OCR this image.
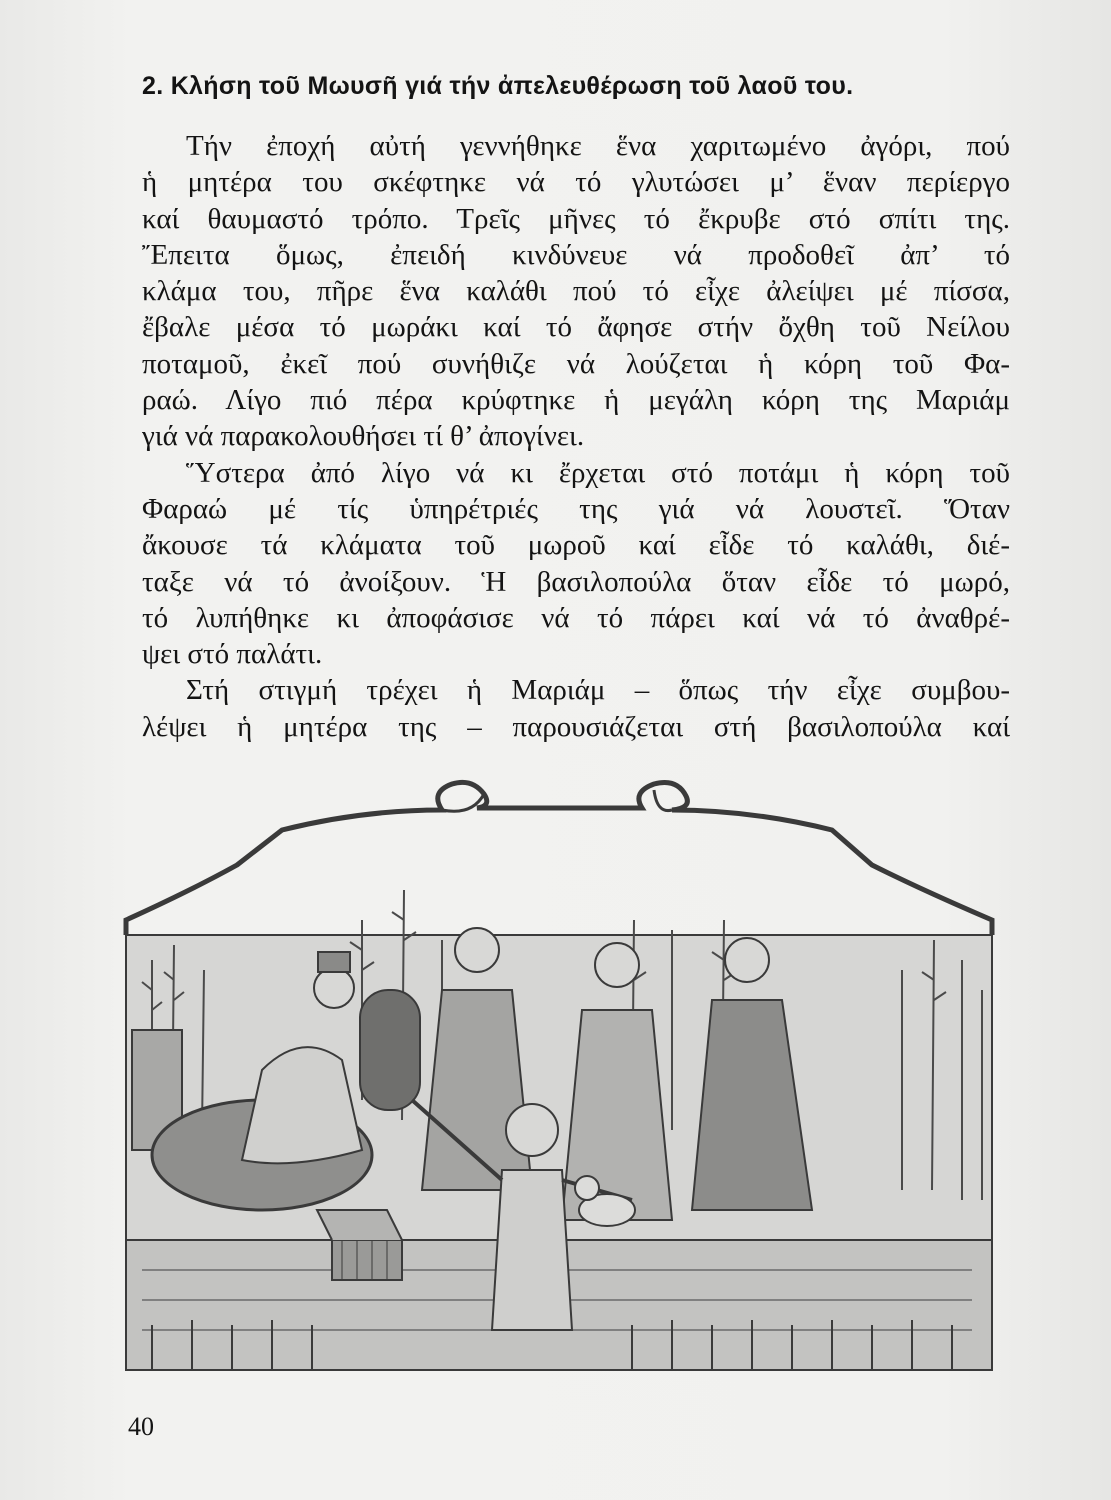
2. Κλήση τοῦ Μωυσῆ γιά τήν ἀπελευθέρωση τοῦ λαοῦ του.
Τήν ἐποχή αὐτή γεννήθηκε ἕνα χαριτωμένο ἀγόρι, πού
ἡ μητέρα του σκέφτηκε νά τό γλυτώσει μ’ ἕναν περίεργο
καί θαυμαστό τρόπο. Τρεῖς μῆνες τό ἔκρυβε στό σπίτι της.
Ἔπειτα ὅμως, ἐπειδή κινδύνευε νά προδοθεῖ ἀπ’ τό
κλάμα του, πῆρε ἕνα καλάθι πού τό εἶχε ἀλείψει μέ πίσσα,
ἔβαλε μέσα τό μωράκι καί τό ἄφησε στήν ὄχθη τοῦ Νείλου
ποταμοῦ, ἐκεῖ πού συνήθιζε νά λούζεται ἡ κόρη τοῦ Φα-
ραώ. Λίγο πιό πέρα κρύφτηκε ἡ μεγάλη κόρη της Μαριάμ
γιά νά παρακολουθήσει τί θ’ ἀπογίνει.
Ὕστερα ἀπό λίγο νά κι ἔρχεται στό ποτάμι ἡ κόρη τοῦ
Φαραώ μέ τίς ὑπηρέτριές της γιά νά λουστεῖ. Ὅταν
ἄκουσε τά κλάματα τοῦ μωροῦ καί εἶδε τό καλάθι, διέ-
ταξε νά τό ἀνοίξουν. Ἡ βασιλοπούλα ὅταν εἶδε τό μωρό,
τό λυπήθηκε κι ἀποφάσισε νά τό πάρει καί νά τό ἀναθρέ-
ψει στό παλάτι.
Στή στιγμή τρέχει ἡ Μαριάμ – ὅπως τήν εἶχε συμβου-
λέψει ἡ μητέρα της – παρουσιάζεται στή βασιλοπούλα καί
40
